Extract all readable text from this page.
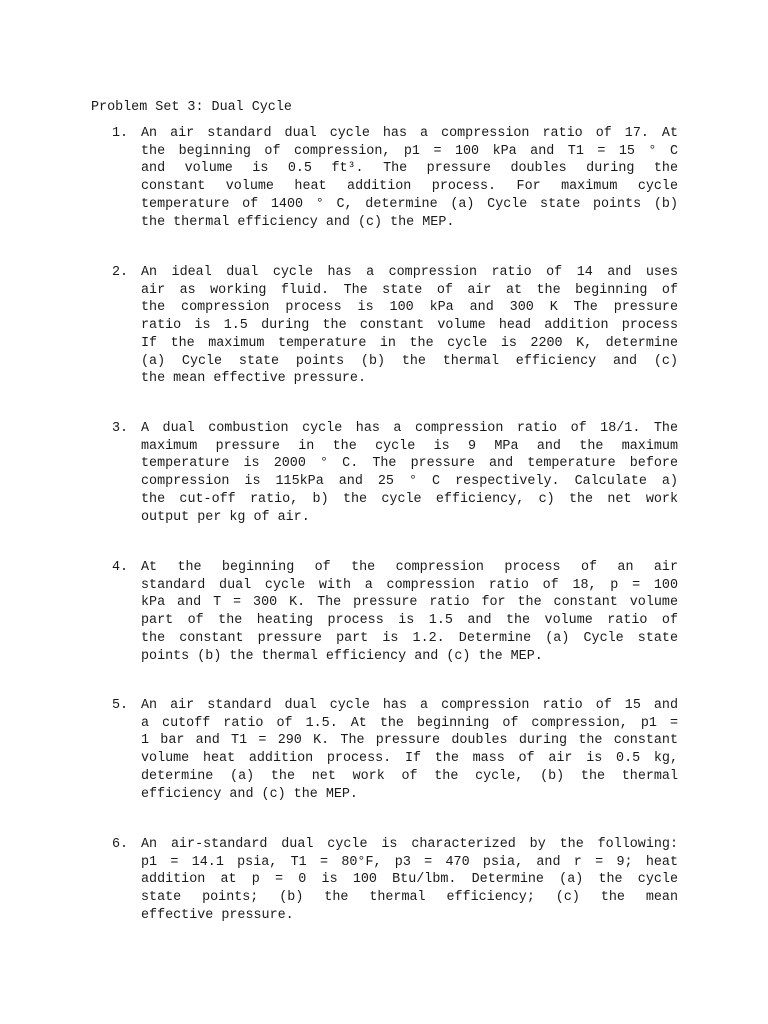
Problem Set 3: Dual Cycle
1. An air standard dual cycle has a compression ratio of 17. At
the beginning of compression, p1 = 100 kPa and T1 = 15 ° C
and volume is 0.5 ft³. The pressure doubles during the
constant volume heat addition process. For maximum cycle
temperature of 1400 ° C, determine (a) Cycle state points (b)
the thermal efficiency and (c) the MEP.
2. An ideal dual cycle has a compression ratio of 14 and uses
air as working fluid. The state of air at the beginning of
the compression process is 100 kPa and 300 K The pressure
ratio is 1.5 during the constant volume head addition process
If the maximum temperature in the cycle is 2200 K, determine
(a) Cycle state points (b) the thermal efficiency and (c)
the mean effective pressure.
3. A dual combustion cycle has a compression ratio of 18/1. The
maximum pressure in the cycle is 9 MPa and the maximum
temperature is 2000 ° C. The pressure and temperature before
compression is 115kPa and 25 ° C respectively. Calculate a)
the cut-off ratio, b) the cycle efficiency, c) the net work
output per kg of air.
4. At the beginning of the compression process of an air
standard dual cycle with a compression ratio of 18, p = 100
kPa and T = 300 K. The pressure ratio for the constant volume
part of the heating process is 1.5 and the volume ratio of
the constant pressure part is 1.2. Determine (a) Cycle state
points (b) the thermal efficiency and (c) the MEP.
5. An air standard dual cycle has a compression ratio of 15 and
a cutoff ratio of 1.5. At the beginning of compression, p1 =
1 bar and T1 = 290 K. The pressure doubles during the constant
volume heat addition process. If the mass of air is 0.5 kg,
determine (a) the net work of the cycle, (b) the thermal
efficiency and (c) the MEP.
6. An air-standard dual cycle is characterized by the following:
p1 = 14.1 psia, T1 = 80°F, p3 = 470 psia, and r = 9; heat
addition at p = 0 is 100 Btu/lbm. Determine (a) the cycle
state points; (b) the thermal efficiency; (c) the mean
effective pressure.
